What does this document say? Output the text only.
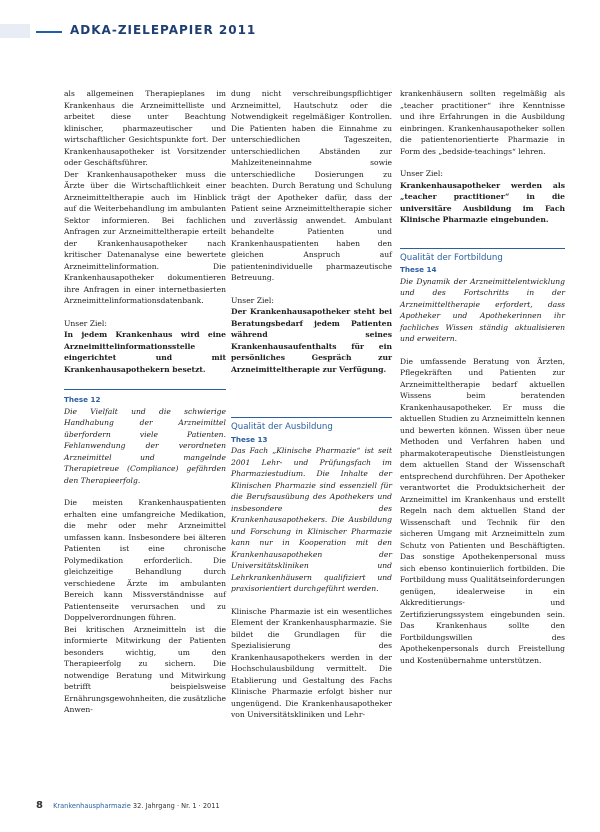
ADKA-ZIELEPAPIER 2011

als allgemeinen Therapieplanes im Krankenhaus die Arzneimittelliste und arbeitet diese unter Beachtung klinischer, pharmazeutischer und wirtschaftlicher Gesichtspunkte fort. Der Krankenhausapotheker ist Vorsitzender oder Geschäftsführer.

Der Krankenhausapotheker muss die Ärzte über die Wirtschaftlichkeit einer Arzneimitteltherapie auch im Hinblick auf die Weiterbehandlung im ambulanten Sektor informieren. Bei fachlichen Anfragen zur Arzneimitteltherapie erteilt der Krankenhausapotheker nach kritischer Datenanalyse eine bewertete Arzneimittelinformation. Die Krankenhausapotheker dokumentieren ihre Anfragen in einer internetbasierten Arzneimittelinformationsdatenbank.

Unser Ziel:

In jedem Krankenhaus wird eine Arzneimittelinformationsstelle eingerichtet und mit Krankenhausapothekern besetzt.

These 12

Die Vielfalt und die schwierige Handhabung der Arzneimittel überfordern viele Patienten. Fehlanwendung der verordneten Arzneimittel und mangelnde Therapietreue (Compliance) gefährden den Therapieerfolg.

Die meisten Krankenhauspatienten erhalten eine umfangreiche Medikation, die mehr oder mehr Arzneimittel umfassen kann. Insbesondere bei älteren Patienten ist eine chronische Polymedikation erforderlich. Die gleichzeitige Behandlung durch verschiedene Ärzte im ambulanten Bereich kann Missverständnisse auf Patientenseite verursachen und zu Doppelverordnungen führen.

Bei kritischen Arzneimitteln ist die informierte Mitwirkung der Patienten besonders wichtig, um den Therapieerfolg zu sichern. Die notwendige Beratung und Mitwirkung betrifft beispielsweise Ernährungsgewohnheiten, die zusätzliche Anwen-

dung nicht verschreibungspflichtiger Arzneimittel, Hautschutz oder die Notwendigkeit regelmäßiger Kontrollen. Die Patienten haben die Einnahme zu unterschiedlichen Tageszeiten, unterschiedlichen Abständen zur Mahlzeiteneinnahme sowie unterschiedliche Dosierungen zu beachten. Durch Beratung und Schulung trägt der Apotheker dafür, dass der Patient seine Arzneimitteltherapie sicher und zuverlässig anwendet. Ambulant behandelte Patienten und Krankenhauspatienten haben den gleichen Anspruch auf patientenindividuelle pharmazeutische Betreuung.

Unser Ziel:

Der Krankenhausapotheker steht bei Beratungsbedarf jedem Patienten während seines Krankenhausaufenthalts für ein persönliches Gespräch zur Arzneimitteltherapie zur Verfügung.

Qualität der Ausbildung

These 13

Das Fach „Klinische Pharmazie“ ist seit 2001 Lehr- und Prüfungsfach im Pharmaziestudium. Die Inhalte der Klinischen Pharmazie sind essenziell für die Berufsausübung des Apothekers und insbesondere des Krankenhausapothekers. Die Ausbildung und Forschung in Klinischer Pharmazie kann nur in Kooperation mit den Krankenhausapotheken der Universitätskliniken und Lehrkrankenhäusern qualifiziert und praxisorientiert durchgeführt werden.

Klinische Pharmazie ist ein wesentliches Element der Krankenhauspharmazie. Sie bildet die Grundlagen für die Spezialisierung des Krankenhausapothekers werden in der Hochschulausbildung vermittelt. Die Etablierung und Gestaltung des Fachs Klinische Pharmazie erfolgt bisher nur ungenügend. Die Krankenhausapotheker von Universitätskliniken und Lehr-

krankenhäusern sollten regelmäßig als „teacher practitioner“ ihre Kenntnisse und ihre Erfahrungen in die Ausbildung einbringen. Krankenhausapotheker sollen die patientenorientierte Pharmazie in Form des „bedside-teachings“ lehren.

Unser Ziel:

Krankenhausapotheker werden als „teacher practitioner“ in die universitäre Ausbildung im Fach Klinische Pharmazie eingebunden.

Qualität der Fortbildung

These 14

Die Dynamik der Arzneimittelentwicklung und des Fortschritts in der Arzneimitteltherapie erfordert, dass Apotheker und Apothekerinnen ihr fachliches Wissen ständig aktualisieren und erweitern.

Die umfassende Beratung von Ärzten, Pflegekräften und Patienten zur Arzneimitteltherapie bedarf aktuellen Wissens beim beratenden Krankenhausapotheker. Er muss die aktuellen Studien zu Arzneimitteln kennen und bewerten können. Wissen über neue Methoden und Verfahren haben und pharmakoterapeutische Dienstleistungen dem aktuellen Stand der Wissenschaft entsprechend durchführen. Der Apotheker verantwortet die Produktsicherheit der Arzneimittel im Krankenhaus und erstellt Regeln nach dem aktuellen Stand der Wissenschaft und Technik für den sicheren Umgang mit Arzneimitteln zum Schutz von Patienten und Beschäftigten. Das sonstige Apothekenpersonal muss sich ebenso kontinuierlich fortbilden. Die Fortbildung muss Qualitätseinforderungen genügen, idealerweise in ein Akkreditierungs- und Zertifizierungssystem eingebunden sein. Das Krankenhaus sollte den Fortbildungswillen des Apothekenpersonals durch Freistellung und Kostenübernahme unterstützen.

8 Krankenhauspharmazie 32. Jahrgang · Nr. 1 · 2011
